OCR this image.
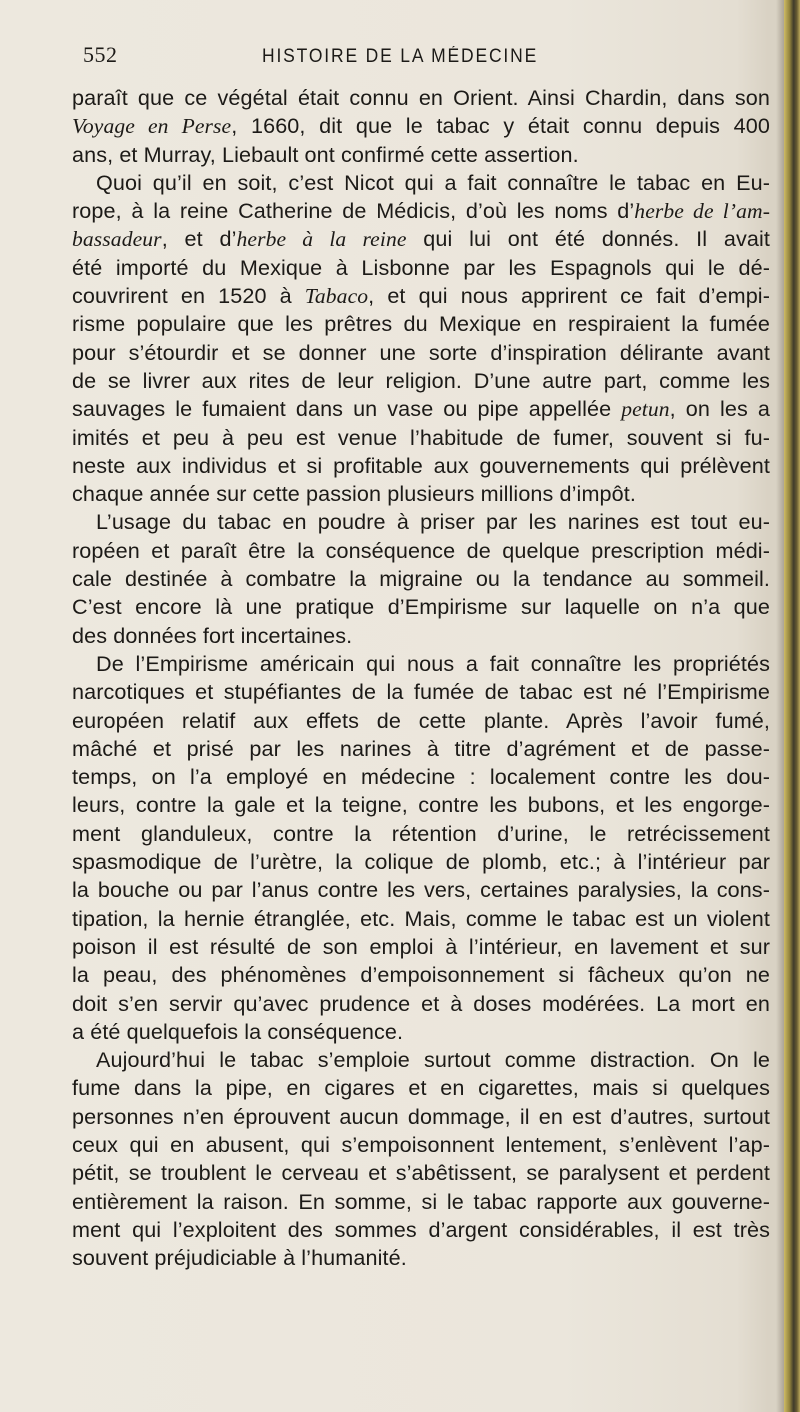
552	HISTOIRE DE LA MÉDECINE
paraît que ce végétal était connu en Orient. Ainsi Chardin, dans son
Voyage en Perse, 1660, dit que le tabac y était connu depuis 400
ans, et Murray, Liebault ont confirmé cette assertion.
Quoi qu’il en soit, c’est Nicot qui a fait connaître le tabac en Eu-
rope, à la reine Catherine de Médicis, d’où les noms d’herbe de l’am-
bassadeur, et d’herbe à la reine qui lui ont été donnés. Il avait
été importé du Mexique à Lisbonne par les Espagnols qui le dé-
couvrirent en 1520 à Tabaco, et qui nous apprirent ce fait d’empi-
risme populaire que les prêtres du Mexique en respiraient la fumée
pour s’étourdir et se donner une sorte d’inspiration délirante avant
de se livrer aux rites de leur religion. D’une autre part, comme les
sauvages le fumaient dans un vase ou pipe appellée petun, on les a
imités et peu à peu est venue l’habitude de fumer, souvent si fu-
neste aux individus et si profitable aux gouvernements qui prélèvent
chaque année sur cette passion plusieurs millions d’impôt.
L’usage du tabac en poudre à priser par les narines est tout eu-
ropéen et paraît être la conséquence de quelque prescription médi-
cale destinée à combatre la migraine ou la tendance au sommeil.
C’est encore là une pratique d’Empirisme sur laquelle on n’a que
des données fort incertaines.
De l’Empirisme américain qui nous a fait connaître les propriétés
narcotiques et stupéfiantes de la fumée de tabac est né l’Empirisme
européen relatif aux effets de cette plante. Après l’avoir fumé,
mâché et prisé par les narines à titre d’agrément et de passe-
temps, on l’a employé en médecine : localement contre les dou-
leurs, contre la gale et la teigne, contre les bubons, et les engorge-
ment glanduleux, contre la rétention d’urine, le retrécissement
spasmodique de l’urètre, la colique de plomb, etc.; à l’intérieur par
la bouche ou par l’anus contre les vers, certaines paralysies, la cons-
tipation, la hernie étranglée, etc. Mais, comme le tabac est un violent
poison il est résulté de son emploi à l’intérieur, en lavement et sur
la peau, des phénomènes d’empoisonnement si fâcheux qu’on ne
doit s’en servir qu’avec prudence et à doses modérées. La mort en
a été quelquefois la conséquence.
Aujourd’hui le tabac s’emploie surtout comme distraction. On le
fume dans la pipe, en cigares et en cigarettes, mais si quelques
personnes n’en éprouvent aucun dommage, il en est d’autres, surtout
ceux qui en abusent, qui s’empoisonnent lentement, s’enlèvent l’ap-
pétit, se troublent le cerveau et s’abêtissent, se paralysent et perdent
entièrement la raison. En somme, si le tabac rapporte aux gouverne-
ment qui l’exploitent des sommes d’argent considérables, il est très
souvent préjudiciable à l’humanité.
